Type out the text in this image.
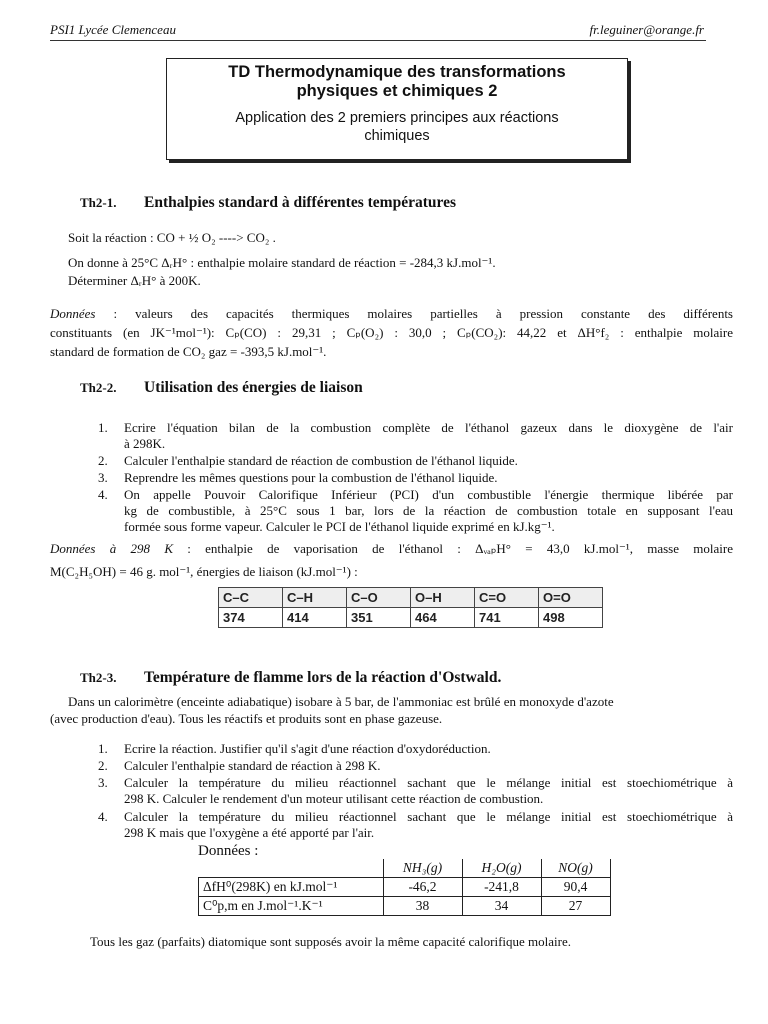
PSI1 Lycée Clemenceau	fr.leguiner@orange.fr
TD Thermodynamique des transformations
physiques et chimiques 2
Application des 2 premiers principes aux réactions
chimiques
Th2-1. Enthalpies standard à différentes températures
Soit la réaction : CO + ½ O₂ ----> CO₂ .
On donne à 25°C ΔᵣH° : enthalpie molaire standard de réaction = -284,3 kJ.mol⁻¹.
Déterminer ΔᵣH° à 200K.
Données : valeurs des capacités thermiques molaires partielles à pression constante des différents
constituants (en JK⁻¹mol⁻¹): Cₚ(CO) : 29,31 ; Cₚ(O₂) : 30,0 ; Cₚ(CO₂): 44,22 et ΔH°f₂ : enthalpie molaire
standard de formation de CO₂ gaz = -393,5 kJ.mol⁻¹.
Th2-2. Utilisation des énergies de liaison
1. Ecrire l'équation bilan de la combustion complète de l'éthanol gazeux dans le dioxygène de l'air
à 298K.
2. Calculer l'enthalpie standard de réaction de combustion de l'éthanol liquide.
3. Reprendre les mêmes questions pour la combustion de l'éthanol liquide.
4. On appelle Pouvoir Calorifique Inférieur (PCI) d'un combustible l'énergie thermique libérée par
kg de combustible, à 25°C sous 1 bar, lors de la réaction de combustion totale en supposant l'eau
formée sous forme vapeur. Calculer le PCI de l'éthanol liquide exprimé en kJ.kg⁻¹.
Données à 298 K : enthalpie de vaporisation de l'éthanol : ΔᵥₐₚH° = 43,0 kJ.mol⁻¹, masse molaire
M(C₂H₅OH) = 46 g. mol⁻¹, énergies de liaison (kJ.mol⁻¹) :
C–C	C–H	C–O	O–H	C=O	O=O
374	414	351	464	741	498
Th2-3. Température de flamme lors de la réaction d'Ostwald.
Dans un calorimètre (enceinte adiabatique) isobare à 5 bar, de l'ammoniac est brûlé en monoxyde d'azote
(avec production d'eau). Tous les réactifs et produits sont en phase gazeuse.
1. Ecrire la réaction. Justifier qu'il s'agit d'une réaction d'oxydoréduction.
2. Calculer l'enthalpie standard de réaction à 298 K.
3. Calculer la température du milieu réactionnel sachant que le mélange initial est stoechiométrique à
298 K. Calculer le rendement d'un moteur utilisant cette réaction de combustion.
4. Calculer la température du milieu réactionnel sachant que le mélange initial est stoechiométrique à
298 K mais que l'oxygène a été apporté par l'air.
Données :
	NH₃(g)	H₂O(g)	NO(g)
ΔfH⁰(298K) en kJ.mol⁻¹	-46,2	-241,8	90,4
C⁰p,m en J.mol⁻¹.K⁻¹	38	34	27
Tous les gaz (parfaits) diatomique sont supposés avoir la même capacité calorifique molaire.
